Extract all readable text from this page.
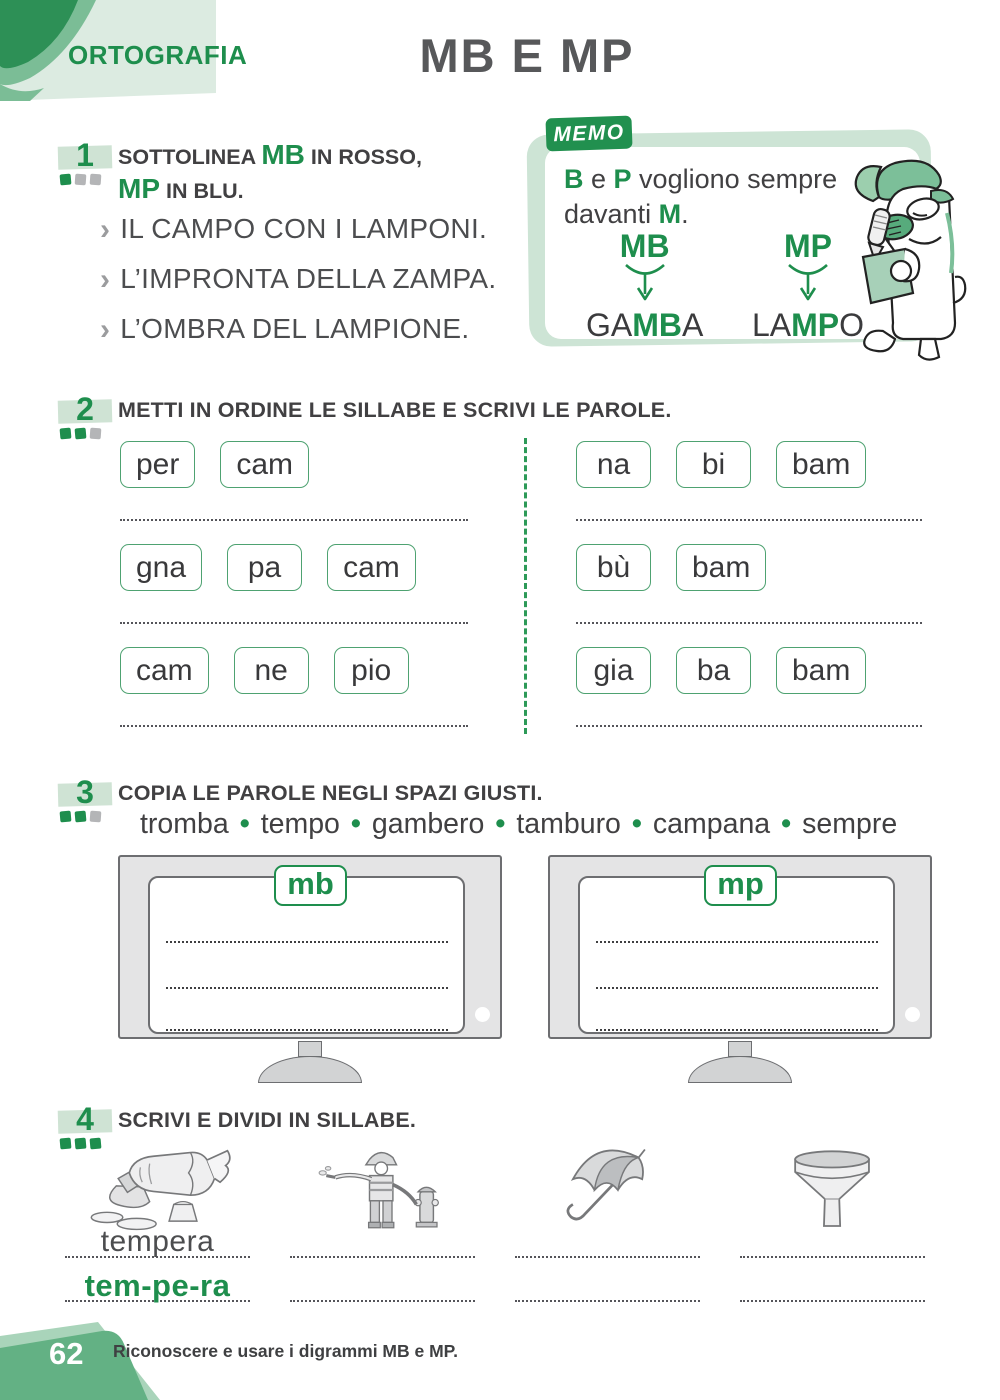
ORTOGRAFIA	MB E MP
1	SOTTOLINEA MB IN ROSSO,
MP IN BLU.
› IL CAMPO CON I LAMPONI.
› L’IMPRONTA DELLA ZAMPA.
› L’OMBRA DEL LAMPIONE.
MEMO
B e P vogliono sempre davanti M.
MB
GAMBA
MP
LAMPO
2	METTI IN ORDINE LE SILLABE E SCRIVI LE PAROLE.
per	cam
gna	pa	cam
cam	ne	pio
na	bi	bam
bù	bam
gia	ba	bam
3	COPIA LE PAROLE NEGLI SPAZI GIUSTI.
tromba • tempo • gambero • tamburo • campana • sempre
mb	mp
4	SCRIVI E DIVIDI IN SILLABE.
tempera
tem-pe-ra
62 Riconoscere e usare i digrammi MB e MP.
